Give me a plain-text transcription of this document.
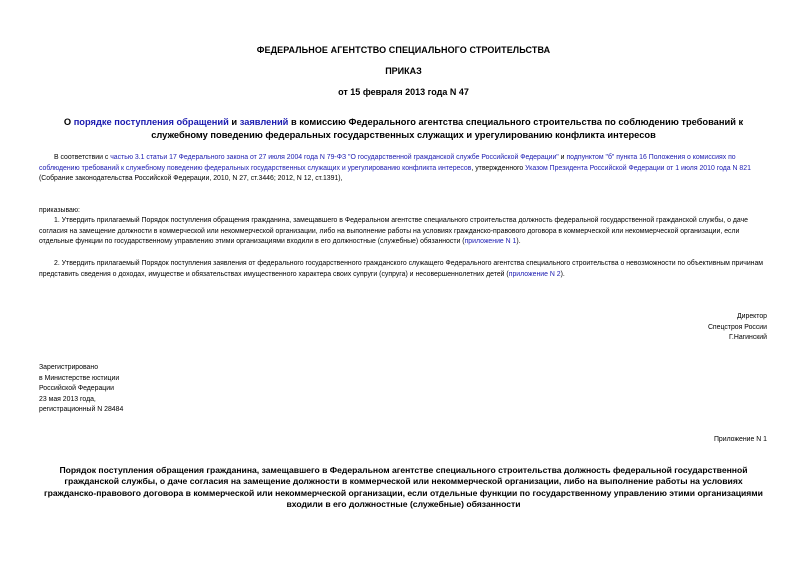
ФЕДЕРАЛЬНОЕ АГЕНТСТВО СПЕЦИАЛЬНОГО СТРОИТЕЛЬСТВА
ПРИКАЗ
от 15 февраля 2013 года N 47
О порядке поступления обращений и заявлений в комиссию Федерального агентства специального строительства по соблюдению требований к служебному поведению федеральных государственных служащих и урегулированию конфликта интересов
В соответствии с частью 3.1 статьи 17 Федерального закона от 27 июля 2004 года N 79-ФЗ "О государственной гражданской службе Российской Федерации" и подпунктом "б" пункта 16 Положения о комиссиях по соблюдению требований к служебному поведению федеральных государственных служащих и урегулированию конфликта интересов, утвержденного Указом Президента Российской Федерации от 1 июля 2010 года N 821 (Собрание законодательства Российской Федерации, 2010, N 27, ст.3446; 2012, N 12, ст.1391),
приказываю:
1. Утвердить прилагаемый Порядок поступления обращения гражданина, замещавшего в Федеральном агентстве специального строительства должность федеральной государственной гражданской службы, о даче согласия на замещение должности в коммерческой или некоммерческой организации, либо на выполнение работы на условиях гражданско-правового договора в коммерческой или некоммерческой организации, если отдельные функции по государственному управлению этими организациями входили в его должностные (служебные) обязанности (приложение N 1).
2. Утвердить прилагаемый Порядок поступления заявления от федерального государственного гражданского служащего Федерального агентства специального строительства о невозможности по объективным причинам представить сведения о доходах, имуществе и обязательствах имущественного характера своих супруги (супруга) и несовершеннолетних детей (приложение N 2).
Директор
Спецстроя России
Г.Нагинский
Зарегистрировано
в Министерстве юстиции
Российской Федерации
23 мая 2013 года,
регистрационный N 28484
Приложение N 1
Порядок поступления обращения гражданина, замещавшего в Федеральном агентстве специального строительства должность федеральной государственной гражданской службы, о даче согласия на замещение должности в коммерческой или некоммерческой организации, либо на выполнение работы на условиях гражданско-правового договора в коммерческой или некоммерческой организации, если отдельные функции по государственному управлению этими организациями входили в его должностные (служебные) обязанности
